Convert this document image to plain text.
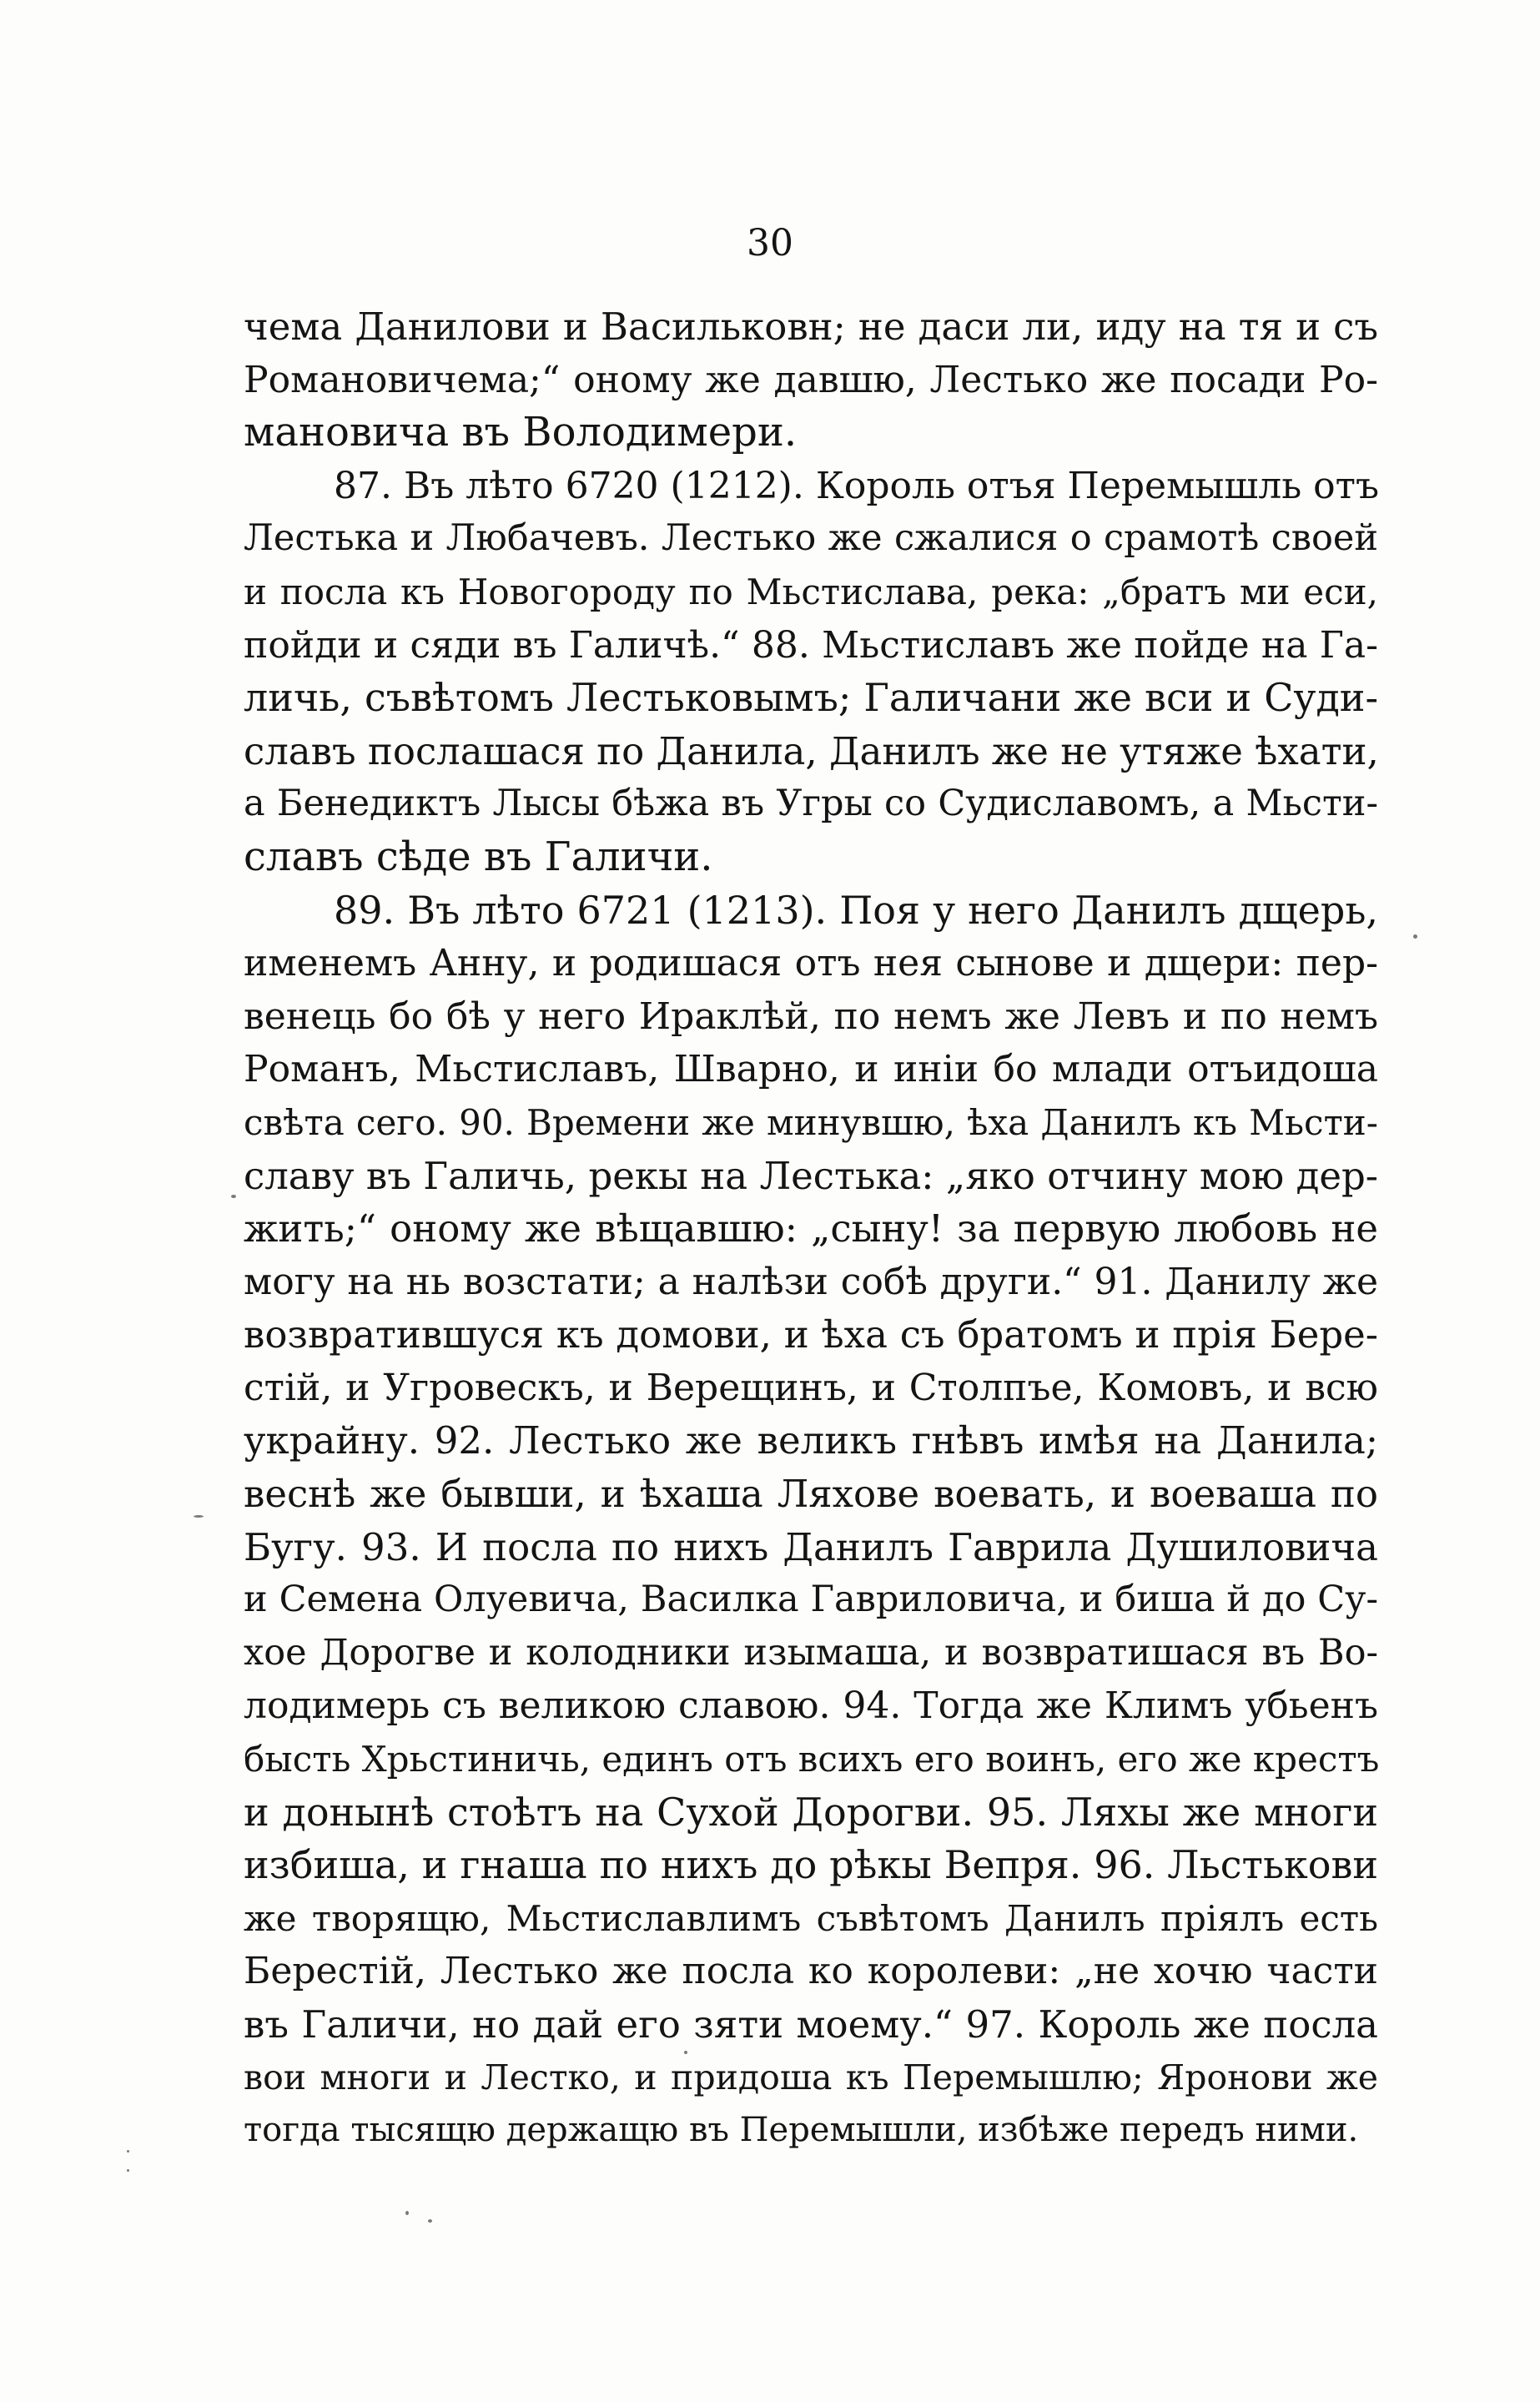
30
чема Данилови и Васильковн; не даси ли, иду на тя и съ
Романовичема;“ оному же давшю, Лестько же посади Ро-
мановича въ Володимери.
87. Въ лѣто 6720 (1212). Король отъя Перемышль отъ
Лестька и Любачевъ. Лестько же сжалися о срамотѣ своей
и посла къ Новогороду по Мьстислава, река: „братъ ми еси,
пойди и сяди въ Галичѣ.“ 88. Мьстиславъ же пойде на Га-
личь, съвѣтомъ Лестьковымъ; Галичани же вси и Суди-
славъ послашася по Данила, Данилъ же не утяже ѣхати,
а Бенедиктъ Лысы бѣжа въ Угры со Судиславомъ, а Мьсти-
славъ сѣде въ Галичи.
89. Въ лѣто 6721 (1213). Поя у него Данилъ дщерь,
именемъ Анну, и родишася отъ нея сынове и дщери: пер-
венець бо бѣ у него Ираклѣй, по немъ же Левъ и по немъ
Романъ, Мьстиславъ, Шварно, и инiи бо млади отъидоша
свѣта сего. 90. Времени же минувшю, ѣха Данилъ къ Мьсти-
славу въ Галичь, рекы на Лестька: „яко отчину мою дер-
жить;“ оному же вѣщавшю: „сыну! за первую любовь не
могу на нь возстати; а налѣзи собѣ други.“ 91. Данилу же
возвратившуся къ домови, и ѣха съ братомъ и прiя Бере-
стiй, и Угровескъ, и Верещинъ, и Столпъе, Комовъ, и всю
украйну. 92. Лестько же великъ гнѣвъ имѣя на Данила;
веснѣ же бывши, и ѣхаша Ляхове воевать, и воеваша по
Бугу. 93. И посла по нихъ Данилъ Гаврила Душиловича
и Семена Олуевича, Василка Гавриловича, и биша й до Су-
хое Дорогве и колодники изымаша, и возвратишася въ Во-
лодимерь съ великою славою. 94. Тогда же Климъ убьенъ
бысть Хрьстиничь, единъ отъ всихъ его воинъ, его же крестъ
и донынѣ стоѣтъ на Сухой Дорогви. 95. Ляхы же многи
избиша, и гнаша по нихъ до рѣкы Вепря. 96. Льстькови
же творящю, Мьстиславлимъ съвѣтомъ Данилъ прiялъ есть
Берестiй, Лестько же посла ко королеви: „не хочю части
въ Галичи, но дай его зяти моему.“ 97. Король же посла
вои многи и Лестко, и придоша къ Перемышлю; Яронови же
тогда тысящю держащю въ Перемышли, избѣже передъ ними.
